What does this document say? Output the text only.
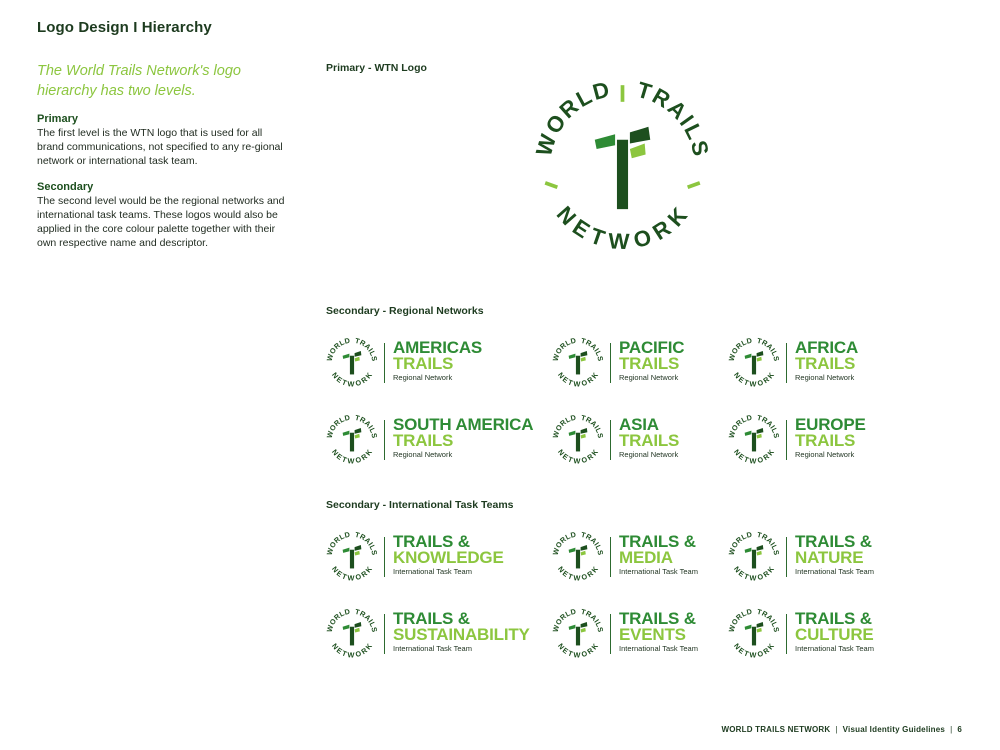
Logo Design I Hierarchy
The World Trails Network's logo hierarchy has two levels.
Primary

The first level is the WTN logo that is used for all brand communications, not specified to any re-gional network or international task team.

Secondary

The second level would be the regional networks and international task teams. These logos would also be applied in the core colour palette together with their own respective name and descriptor.

Primary - WTN Logo
WORLD TRAILS
NETWORK
Secondary - Regional Networks
Secondary - International Task Teams
ORLD TRAIL
NETWORK
AMERICAS
TRAILS
Regional Network
ORLD TRAIL
NETWORK
PACIFIC
TRAILS
Regional Network
ORLD TRAIL
NETWORK
AFRICA
TRAILS
Regional Network
ORLD TRAIL
NETWORK
SOUTH AMERICA
TRAILS
Regional Network
ORLD TRAIL
NETWORK
ASIA
TRAILS
Regional Network
ORLD TRAIL
NETWORK
EUROPE
TRAILS
Regional Network
ORLD TRAIL
NETWORK
TRAILS &
KNOWLEDGE
International Task Team
ORLD TRAIL
NETWORK
TRAILS &
MEDIA
International Task Team
ORLD TRAIL
NETWORK
TRAILS &
NATURE
International Task Team
ORLD TRAIL
NETWORK
TRAILS &
SUSTAINABILITY
International Task Team
ORLD TRAIL
NETWORK
TRAILS &
EVENTS
International Task Team
ORLD TRAIL
NETWORK
TRAILS &
CULTURE
International Task Team
WORLD TRAILS NETWORK | Visual Identity Guidelines | 6
